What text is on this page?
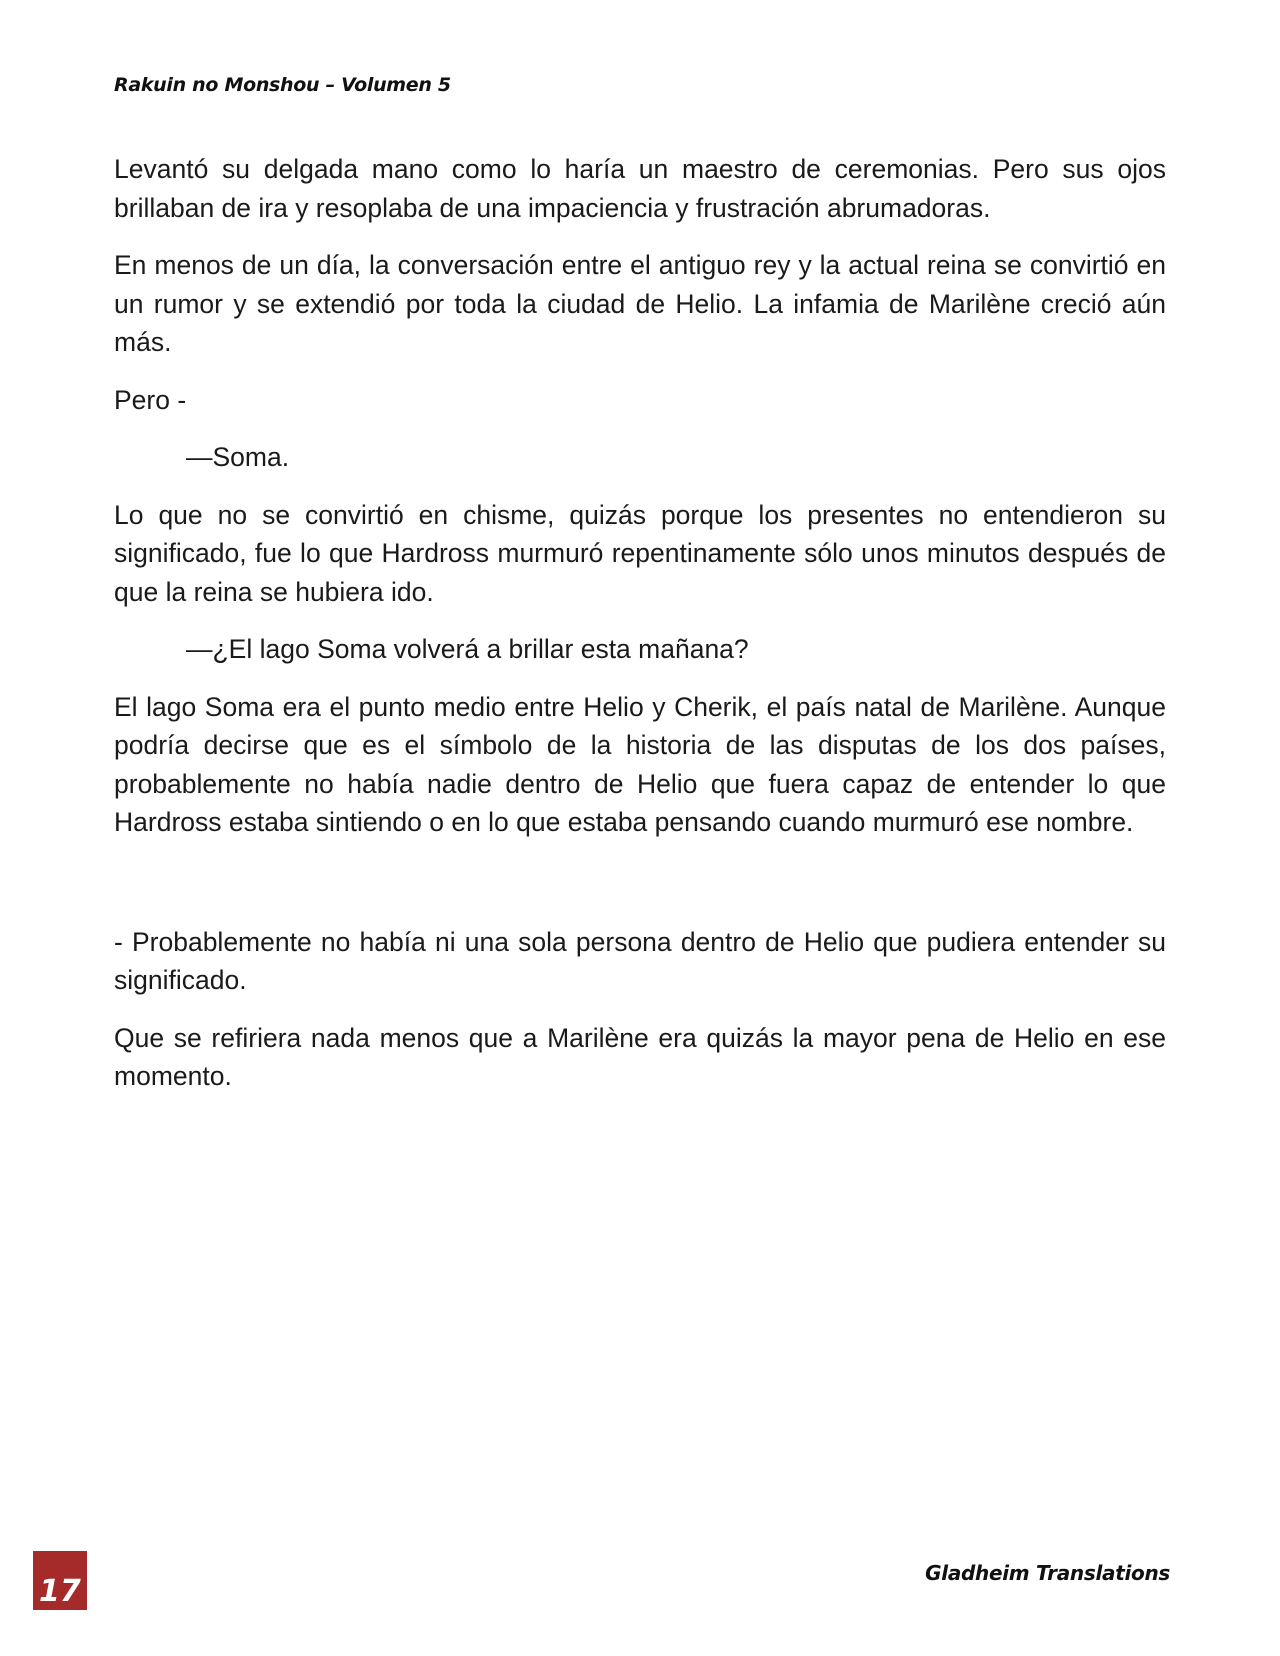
Rakuin no Monshou – Volumen 5

Levantó su delgada mano como lo haría un maestro de ceremonias. Pero sus ojos brillaban de ira y resoplaba de una impaciencia y frustración abrumadoras.

En menos de un día, la conversación entre el antiguo rey y la actual reina se convirtió en un rumor y se extendió por toda la ciudad de Helio. La infamia de Marilène creció aún más.

Pero -

—Soma.

Lo que no se convirtió en chisme, quizás porque los presentes no entendieron su significado, fue lo que Hardross murmuró repentinamente sólo unos minutos después de que la reina se hubiera ido.

—¿El lago Soma volverá a brillar esta mañana?

El lago Soma era el punto medio entre Helio y Cherik, el país natal de Marilène. Aunque podría decirse que es el símbolo de la historia de las disputas de los dos países, probablemente no había nadie dentro de Helio que fuera capaz de entender lo que Hardross estaba sintiendo o en lo que estaba pensando cuando murmuró ese nombre.

- Probablemente no había ni una sola persona dentro de Helio que pudiera entender su significado.

Que se refiriera nada menos que a Marilène era quizás la mayor pena de Helio en ese momento.

17
Gladheim Translations
